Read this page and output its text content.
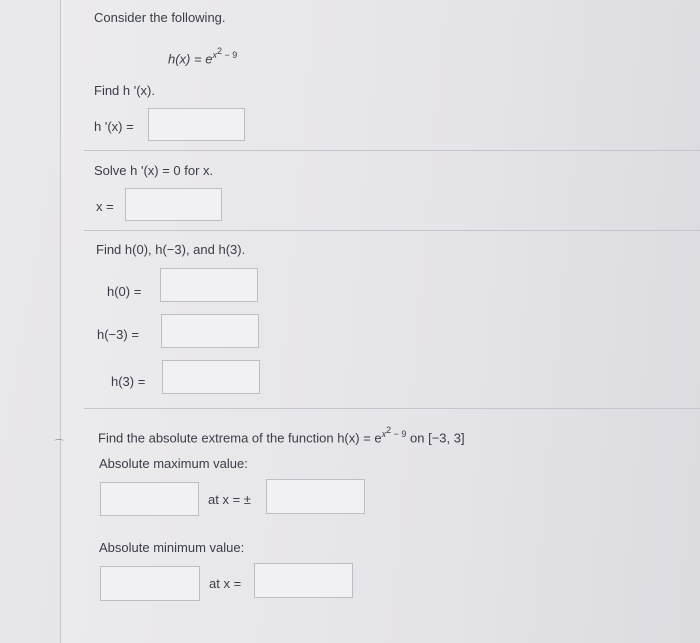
Consider the following.
$h(x) = e^{x^2 - 9}$
Find h '(x).
h '(x) =
Solve h '(x) = 0 for x.
x =
Find h(0), h(−3), and h(3).
h(0) =
h(−3) =
h(3) =
⌒
Find the absolute extrema of the function $h(x) = e^{x^2 - 9}$ on [−3, 3]
Absolute maximum value:
at x = ±
Absolute minimum value:
at x =
